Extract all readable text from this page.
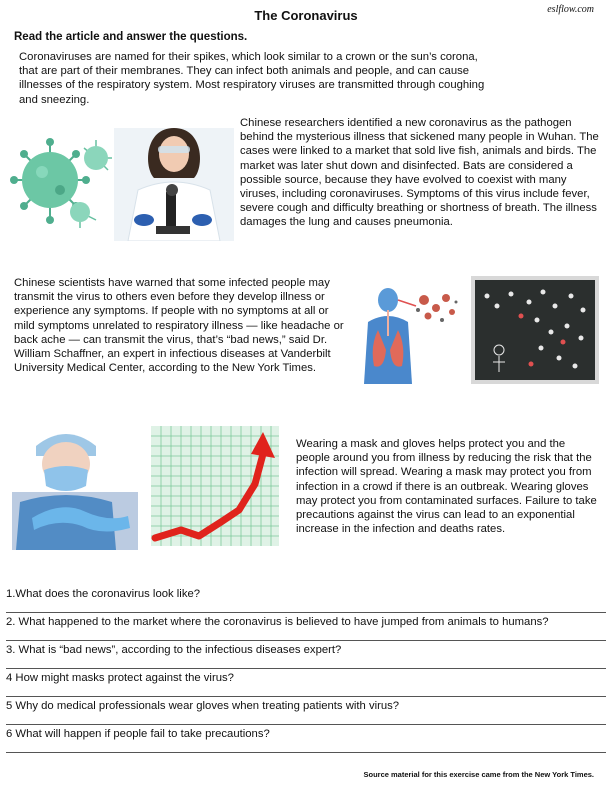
The Coronavirus	eslflow.com
Read the article and answer the questions.
Coronaviruses are named for their spikes, which look similar to a crown or the sun’s corona, that are part of their membranes. They can infect both animals and people, and can cause illnesses of the respiratory system. Most respiratory viruses are transmitted through coughing and sneezing.
Chinese researchers identified a new coronavirus as the pathogen behind the mysterious illness that sickened many people in Wuhan. The cases were linked to a market that sold live fish, animals and birds. The market was later shut down and disinfected. Bats are considered a possible source, because they have evolved to coexist with many viruses, including coronaviruses. Symptoms of this virus include fever, severe cough and difficulty breathing or shortness of breath. The illness damages the lung and causes pneumonia.
Chinese scientists have warned that some infected people may transmit the virus to others even before they develop illness or experience any symptoms. If people with no symptoms at all or mild symptoms unrelated to respiratory illness — like headache or back ache — can transmit the virus, that’s “bad news,” said Dr. William Schaffner, an expert in infectious diseases at Vanderbilt University Medical Center, according to the New York Times.
Wearing a mask and gloves helps protect you and the people around you from illness by reducing the risk that the infection will spread. Wearing a mask may protect you from infection in a crowd if there is an outbreak. Wearing gloves may protect you from contaminated surfaces. Failure to take precautions against the virus can lead to an exponential increase in the infection and deaths rates.
1.What does the coronavirus look like?
2. What happened to the market where the coronavirus is believed to have jumped from animals to humans?
3. What is “bad news”, according to the infectious diseases expert?
4 How might masks protect against the virus?
5 Why do medical professionals wear gloves when treating patients with virus?
6 What will happen if people fail to take precautions?
Source material for this exercise came from the New York Times.
